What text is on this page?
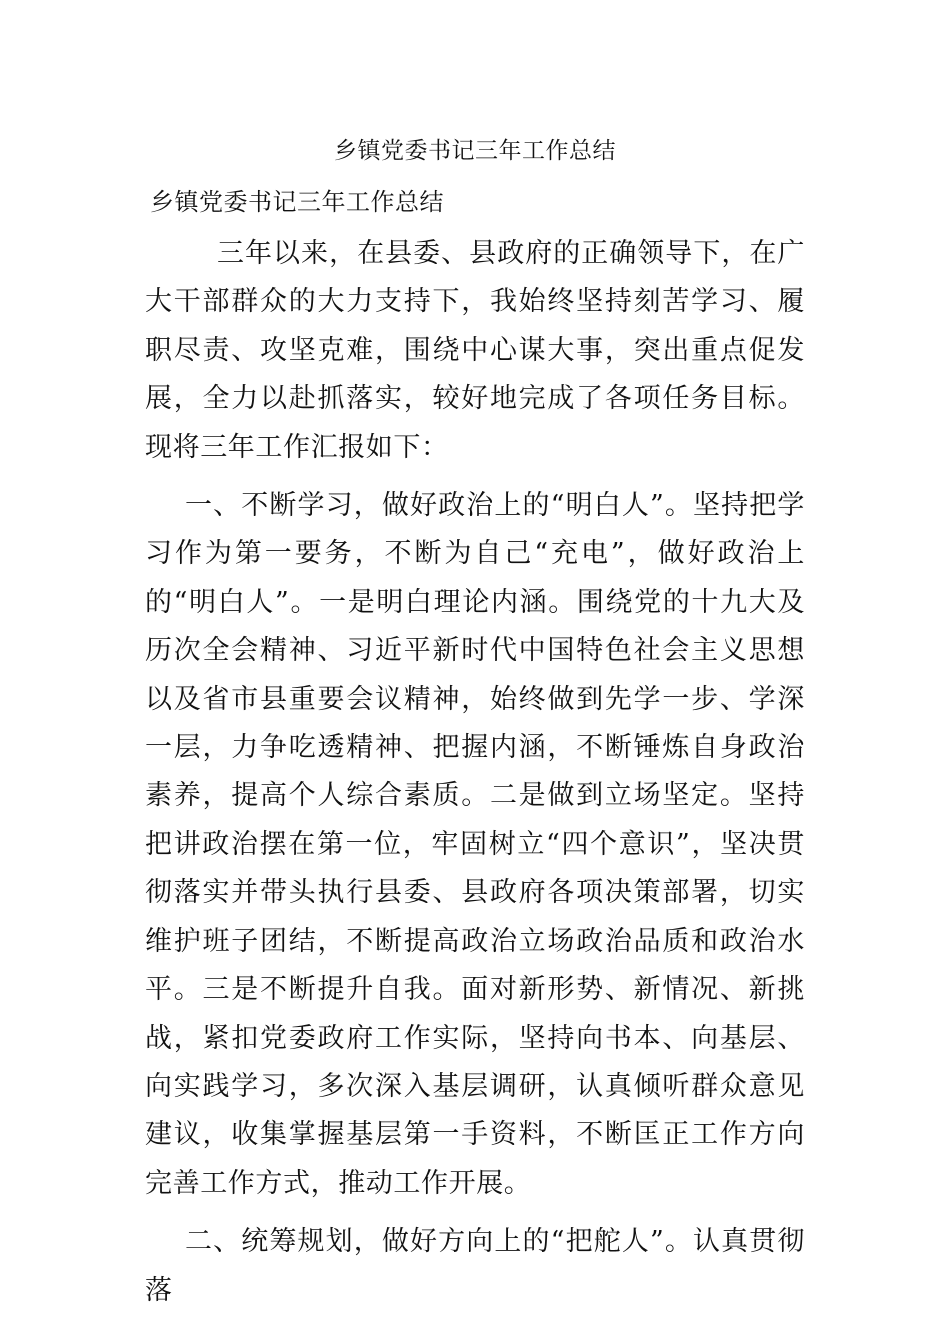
乡镇党委书记三年工作总结
乡镇党委书记三年工作总结

三年以来，在县委、县政府的正确领导下，在广大干部群众的大力支持下，我始终坚持刻苦学习、履职尽责、攻坚克难，围绕中心谋大事，突出重点促发展，全力以赴抓落实，较好地完成了各项任务目标。现将三年工作汇报如下：

一、不断学习，做好政治上的“明白人”。坚持把学习作为第一要务，不断为自己“充电”，做好政治上的“明白人”。一是明白理论内涵。围绕党的十九大及历次全会精神、习近平新时代中国特色社会主义思想以及省市县重要会议精神，始终做到先学一步、学深一层，力争吃透精神、把握内涵，不断锤炼自身政治素养，提高个人综合素质。二是做到立场坚定。坚持把讲政治摆在第一位，牢固树立“四个意识”，坚决贯彻落实并带头执行县委、县政府各项决策部署，切实维护班子团结，不断提高政治立场政治品质和政治水平。三是不断提升自我。面对新形势、新情况、新挑战，紧扣党委政府工作实际，坚持向书本、向基层、向实践学习，多次深入基层调研，认真倾听群众意见建议，收集掌握基层第一手资料，不断匡正工作方向完善工作方式，推动工作开展。

二、统筹规划，做好方向上的“把舵人”。认真贯彻落
